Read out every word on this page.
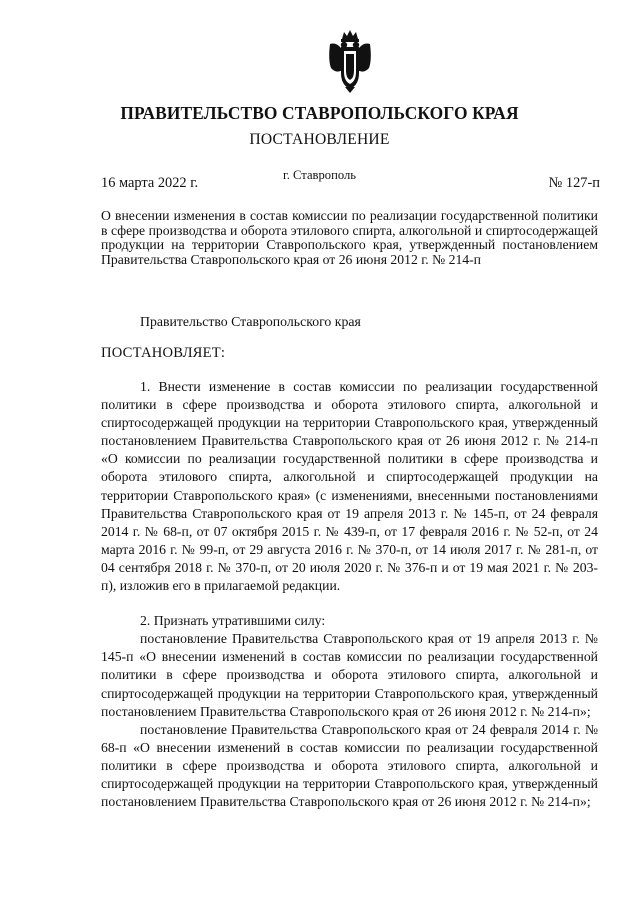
ПРАВИТЕЛЬСТВО СТАВРОПОЛЬСКОГО КРАЯ
ПОСТАНОВЛЕНИЕ
16 марта 2022 г.	г. Ставрополь	№ 127-п
О внесении изменения в состав комиссии по реализации государственной политики в сфере производства и оборота этилового спирта, алкогольной и спиртосодержащей продукции на территории Ставропольского края, утвержденный постановлением Правительства Ставропольского края от 26 июня 2012 г. № 214-п
Правительство Ставропольского края
ПОСТАНОВЛЯЕТ:

1. Внести изменение в состав комиссии по реализации государственной политики в сфере производства и оборота этилового спирта, алкогольной и спиртосодержащей продукции на территории Ставропольского края, утвержденный постановлением Правительства Ставропольского края от 26 июня 2012 г. № 214-п «О комиссии по реализации государственной политики в сфере производства и оборота этилового спирта, алкогольной и спиртосодержащей продукции на территории Ставропольского края» (с изменениями, внесенными постановлениями Правительства Ставропольского края от 19 апреля 2013 г. № 145-п, от 24 февраля 2014 г. № 68-п, от 07 октября 2015 г. № 439-п, от 17 февраля 2016 г. № 52-п, от 24 марта 2016 г. № 99-п, от 29 августа 2016 г. № 370-п, от 14 июля 2017 г. № 281-п, от 04 сентября 2018 г. № 370-п, от 20 июля 2020 г. № 376-п и от 19 мая 2021 г. № 203-п), изложив его в прилагаемой редакции.

2. Признать утратившими силу:

постановление Правительства Ставропольского края от 19 апреля 2013 г. № 145-п «О внесении изменений в состав комиссии по реализации государственной политики в сфере производства и оборота этилового спирта, алкогольной и спиртосодержащей продукции на территории Ставропольского края, утвержденный постановлением Правительства Ставропольского края от 26 июня 2012 г. № 214-п»;

постановление Правительства Ставропольского края от 24 февраля 2014 г. № 68-п «О внесении изменений в состав комиссии по реализации государственной политики в сфере производства и оборота этилового спирта, алкогольной и спиртосодержащей продукции на территории Ставропольского края, утвержденный постановлением Правительства Ставропольского края от 26 июня 2012 г. № 214-п»;
